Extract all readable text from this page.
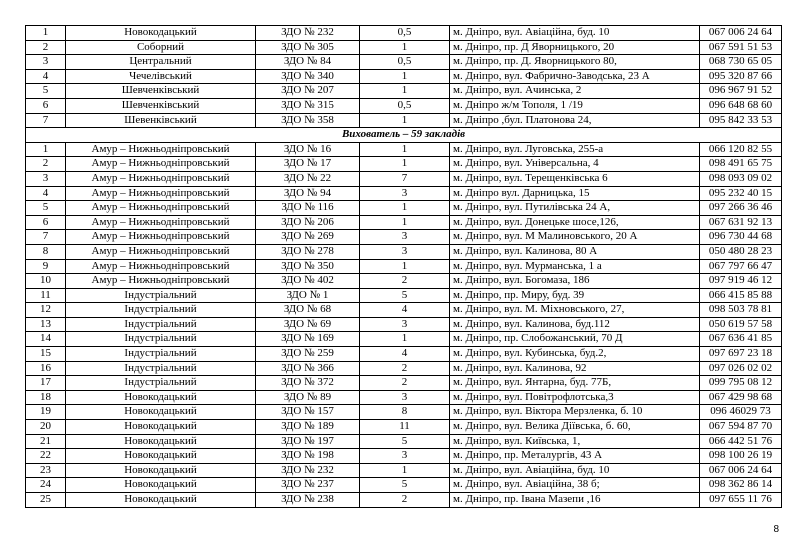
1	Новокодацький	ЗДО № 232	0,5	м. Дніпро, вул. Авіаційна, буд. 10	067 006 24 64
2	Соборний	ЗДО № 305	1	м. Дніпро, пр. Д Яворницького, 20	067 591 51 53
3	Центральний	ЗДО № 84	0,5	м. Дніпро, пр. Д. Яворницького 80,	068 730 65 05
4	Чечелівський	ЗДО № 340	1	м. Дніпро, вул. Фабрично-Заводська, 23 А	095 320 87 66
5	Шевченківський	ЗДО № 207	1	м. Дніпро, вул. Ачинська, 2	096 967 91 52
6	Шевченківський	ЗДО № 315	0,5	м. Дніпро ж/м Тополя, 1 /19	096 648 68 60
7	Шевенківський	ЗДО № 358	1	м. Дніпро ,бул. Платонова 24,	095 842 33 53
Вихователь – 59 закладів					
1	Амур – Нижньодніпровський	ЗДО № 16	1	м. Дніпро, вул. Луговська, 255-а	066 120 82 55
2	Амур – Нижньодніпровський	ЗДО № 17	1	м. Дніпро, вул. Універсальна, 4	098 491 65 75
3	Амур – Нижньодніпровський	ЗДО № 22	7	м. Дніпро, вул. Терещенківська 6	098 093 09 02
4	Амур – Нижньодніпровський	ЗДО № 94	3	м. Дніпро вул. Дарницька, 15	095 232 40 15
5	Амур – Нижньодніпровський	ЗДО № 116	1	м. Дніпро, вул. Путилівська 24 А,	097 266 36 46
6	Амур – Нижньодніпровський	ЗДО № 206	1	м. Дніпро, вул. Донецьке шосе,126,	067 631 92 13
7	Амур – Нижньодніпровський	ЗДО № 269	3	м. Дніпро, вул. М Малиновського, 20 А	096 730 44 68
8	Амур – Нижньодніпровський	ЗДО № 278	3	м. Дніпро, вул. Калинова, 80 А	050 480 28 23
9	Амур – Нижньодніпровський	ЗДО № 350	1	м. Дніпро, вул. Мурманська, 1 а	067 797 66 47
10	Амур – Нижньодніпровський	ЗДО № 402	2	м. Дніпро, вул. Богомаза, 186	097 919 46 12
11	Індустріальний	ЗДО № 1	5	м. Дніпро, пр. Миру, буд. 39	066 415 85 88
12	Індустріальний	ЗДО № 68	4	м. Дніпро, вул. М. Міхновського, 27,	098 503 78 81
13	Індустріальний	ЗДО № 69	3	м. Дніпро, вул. Калинова, буд.112	050 619 57 58
14	Індустріальний	ЗДО № 169	1	м. Дніпро, пр. Слобожанський, 70 Д	067 636 41 85
15	Індустріальний	ЗДО № 259	4	м. Дніпро, вул. Кубинська, буд.2,	097 697 23 18
16	Індустріальний	ЗДО № 366	2	м. Дніпро, вул. Калинова, 92	097 026 02 02
17	Індустріальний	ЗДО № 372	2	м. Дніпро, вул. Янтарна, буд. 77Б,	099 795 08 12
18	Новокодацький	ЗДО № 89	3	м. Дніпро, вул. Повітрофлотська,3	067 429 98 68
19	Новокодацький	ЗДО № 157	8	м. Дніпро, вул. Віктора Мерзленка, б. 10	096 46029 73
20	Новокодацький	ЗДО № 189	11	м. Дніпро, вул. Велика Діївська, б. 60,	067 594 87 70
21	Новокодацький	ЗДО № 197	5	м. Дніпро, вул. Київська, 1,	066 442 51 76
22	Новокодацький	ЗДО № 198	3	м. Дніпро, пр. Металургів, 43 А	098 100 26 19
23	Новокодацький	ЗДО № 232	1	м. Дніпро, вул. Авіаційна, буд. 10	067 006 24 64
24	Новокодацький	ЗДО № 237	5	м. Дніпро, вул. Авіаційна, 38 б;	098 362 86 14
25	Новокодацький	ЗДО № 238	2	м. Дніпро, пр. Івана Мазепи ,16	097 655 11 76
8
